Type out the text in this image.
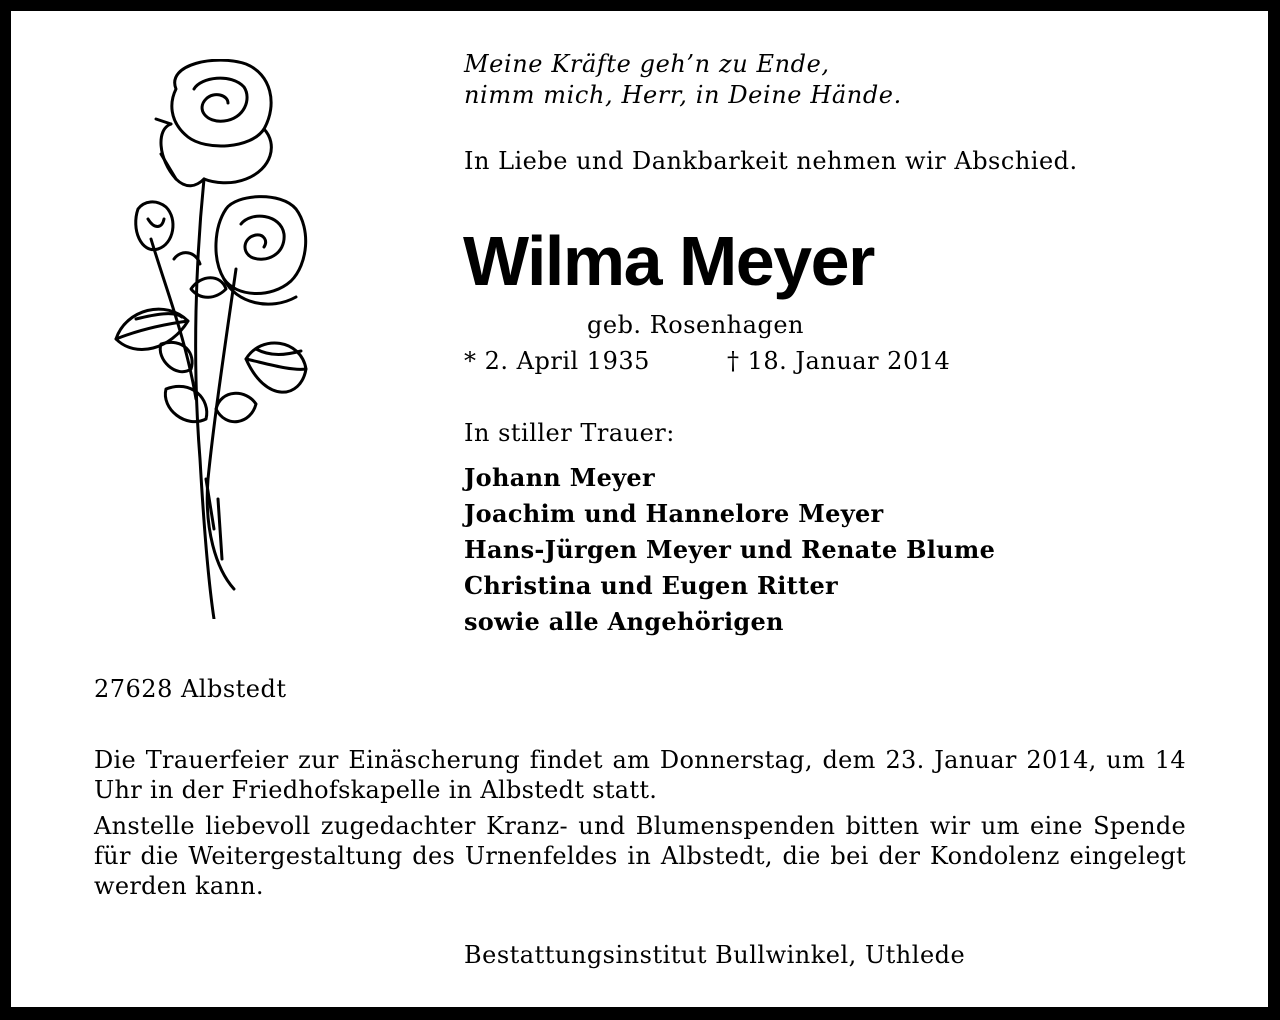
Meine Kräfte geh’n zu Ende,
nimm mich, Herr, in Deine Hände.
In Liebe und Dankbarkeit nehmen wir Abschied.
Wilma Meyer
geb. Rosenhagen
* 2. April 1935	† 18. Januar 2014
In stiller Trauer:
Johann Meyer
Joachim und Hannelore Meyer
Hans-Jürgen Meyer und Renate Blume
Christina und Eugen Ritter
sowie alle Angehörigen
27628 Albstedt
Die Trauerfeier zur Einäscherung findet am Donnerstag, dem 23. Januar 2014, um 14 Uhr in der Friedhofskapelle in Albstedt statt.
Anstelle liebevoll zugedachter Kranz- und Blumenspenden bitten wir um eine Spende für die Weitergestaltung des Urnenfeldes in Albstedt, die bei der Kondolenz eingelegt werden kann.
Bestattungsinstitut Bullwinkel, Uthlede
